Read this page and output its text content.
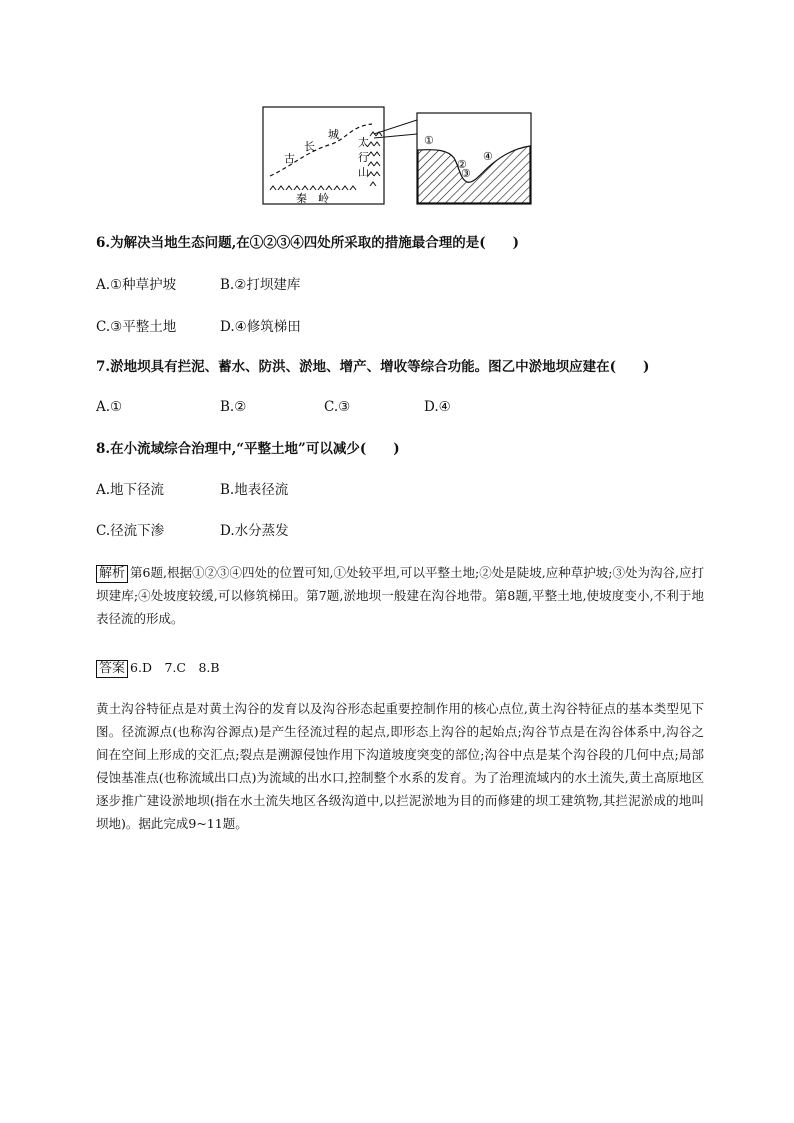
古
长
城
太
行
山
秦 岭
①
②
③
④
6.为解决当地生态问题,在①②③④四处所采取的措施最合理的是(　　)
A.①种草护坡	B.②打坝建库
C.③平整土地	D.④修筑梯田
7.淤地坝具有拦泥、蓄水、防洪、淤地、增产、增收等综合功能。图乙中淤地坝应建在(　　)
A.①	B.②	C.③	D.④
8.在小流域综合治理中,“平整土地”可以减少(　　)
A.地下径流	B.地表径流
C.径流下渗	D.水分蒸发
解析 第6题,根据①②③④四处的位置可知,①处较平坦,可以平整土地;②处是陡坡,应种草护坡;③处为沟谷,应打坝建库;④处坡度较缓,可以修筑梯田。第7题,淤地坝一般建在沟谷地带。第8题,平整土地,使坡度变小,不利于地表径流的形成。
答案 6.D　7.C　8.B
黄土沟谷特征点是对黄土沟谷的发育以及沟谷形态起重要控制作用的核心点位,黄土沟谷特征点的基本类型见下图。径流源点(也称沟谷源点)是产生径流过程的起点,即形态上沟谷的起始点;沟谷节点是在沟谷体系中,沟谷之间在空间上形成的交汇点;裂点是溯源侵蚀作用下沟道坡度突变的部位;沟谷中点是某个沟谷段的几何中点;局部侵蚀基准点(也称流域出口点)为流域的出水口,控制整个水系的发育。为了治理流域内的水土流失,黄土高原地区逐步推广建设淤地坝(指在水土流失地区各级沟道中,以拦泥淤地为目的而修建的坝工建筑物,其拦泥淤成的地叫坝地)。据此完成9~11题。
